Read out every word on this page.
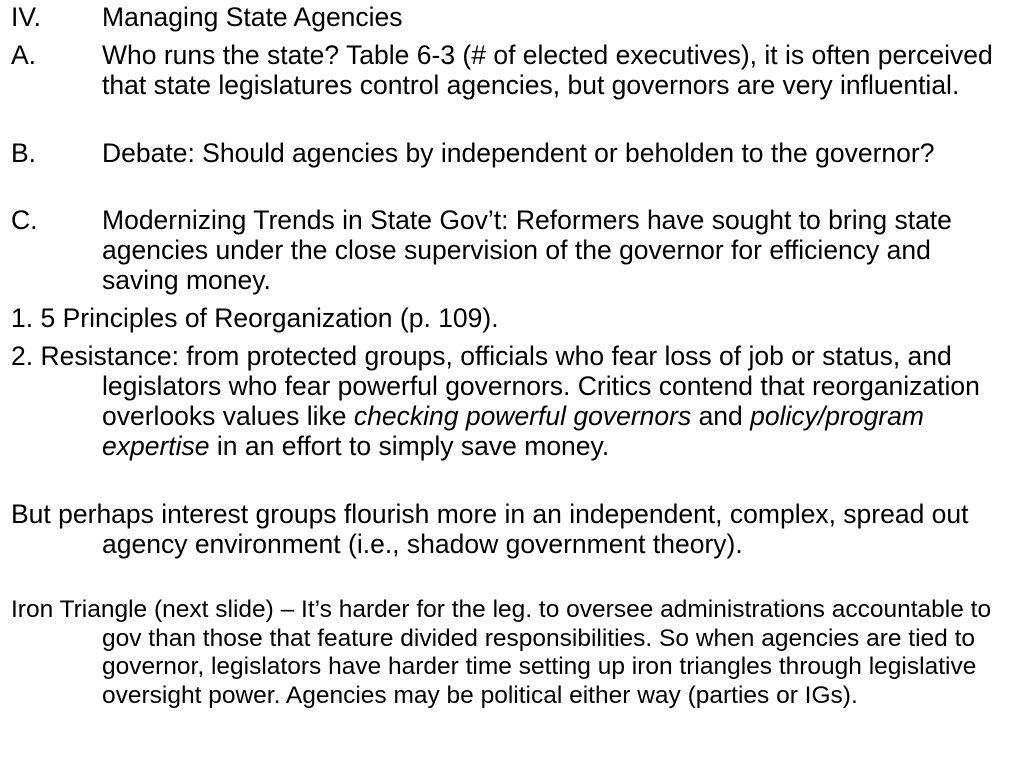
IV. Managing State Agencies

A. Who runs the state? Table 6-3 (# of elected executives), it is often perceived that state legislatures control agencies, but governors are very influential.

B. Debate: Should agencies by independent or beholden to the governor?

C. Modernizing Trends in State Gov’t: Reformers have sought to bring state agencies under the close supervision of the governor for efficiency and saving money.

1. 5 Principles of Reorganization (p. 109).

2. Resistance: from protected groups, officials who fear loss of job or status, and legislators who fear powerful governors. Critics contend that reorganization overlooks values like checking powerful governors and policy/program expertise in an effort to simply save money.

But perhaps interest groups flourish more in an independent, complex, spread out agency environment (i.e., shadow government theory).

Iron Triangle (next slide) – It’s harder for the leg. to oversee administrations accountable to gov than those that feature divided responsibilities. So when agencies are tied to governor, legislators have harder time setting up iron triangles through legislative oversight power. Agencies may be political either way (parties or IGs).
